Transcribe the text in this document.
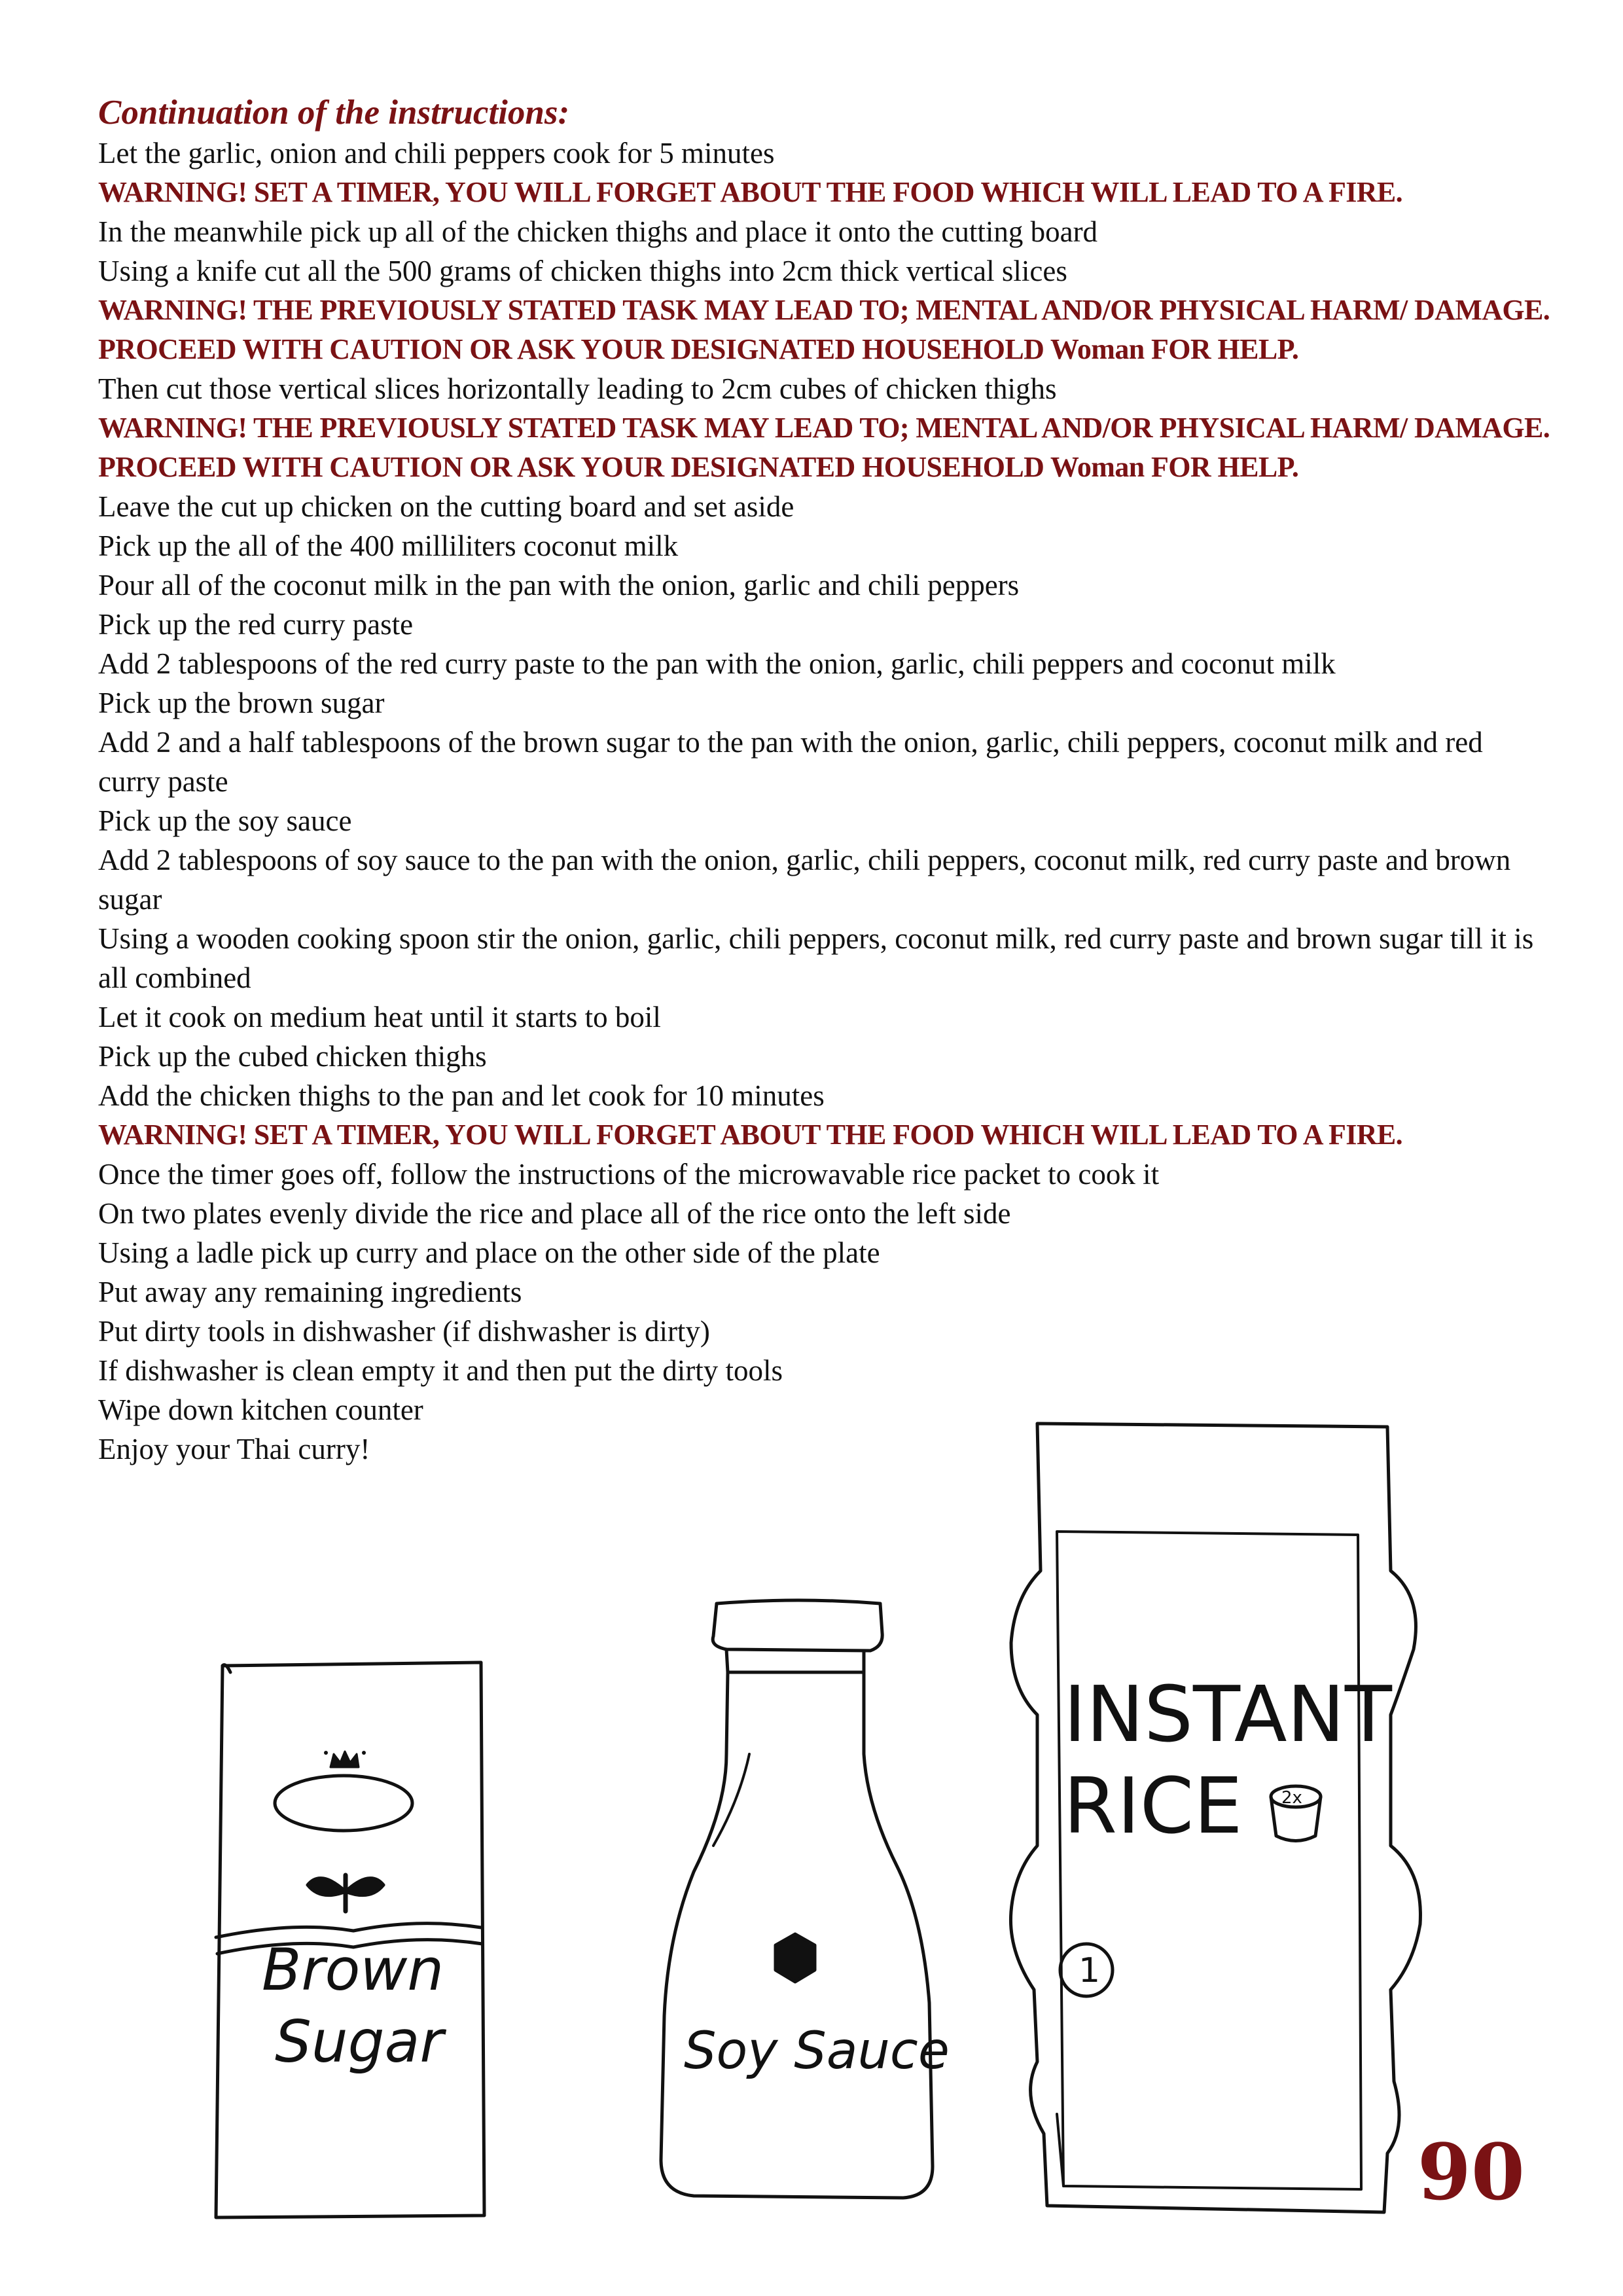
Continuation of the instructions:

Let the garlic, onion and chili peppers cook for 5 minutes

WARNING! SET A TIMER, YOU WILL FORGET ABOUT THE FOOD WHICH WILL LEAD TO A FIRE.

In the meanwhile pick up all of the chicken thighs and place it onto the cutting board

Using a knife cut all the 500 grams of chicken thighs into 2cm thick vertical slices

WARNING! THE PREVIOUSLY STATED TASK MAY LEAD TO; MENTAL AND/OR PHYSICAL HARM/ DAMAGE. PROCEED WITH CAUTION OR ASK YOUR DESIGNATED HOUSEHOLD Woman FOR HELP.

Then cut those vertical slices horizontally leading to 2cm cubes of chicken thighs

WARNING! THE PREVIOUSLY STATED TASK MAY LEAD TO; MENTAL AND/OR PHYSICAL HARM/ DAMAGE. PROCEED WITH CAUTION OR ASK YOUR DESIGNATED HOUSEHOLD Woman FOR HELP.

Leave the cut up chicken on the cutting board and set aside

Pick up the all of the 400 milliliters coconut milk

Pour all of the coconut milk in the pan with the onion, garlic and chili peppers

Pick up the red curry paste

Add 2 tablespoons of the red curry paste to the pan with the onion, garlic, chili peppers and coconut milk

Pick up the brown sugar

Add 2 and a half tablespoons of the brown sugar to the pan with the onion, garlic, chili peppers, coconut milk and red curry paste

Pick up the soy sauce

Add 2 tablespoons of soy sauce to the pan with the onion, garlic, chili peppers, coconut milk, red curry paste and brown sugar

Using a wooden cooking spoon stir the onion, garlic, chili peppers, coconut milk, red curry paste and brown sugar till it is all combined

Let it cook on medium heat until it starts to boil

Pick up the cubed chicken thighs

Add the chicken thighs to the pan and let cook for 10 minutes

WARNING! SET A TIMER, YOU WILL FORGET ABOUT THE FOOD WHICH WILL LEAD TO A FIRE.

Once the timer goes off, follow the instructions of the microwavable rice packet to cook it

On two plates evenly divide the rice and place all of the rice onto the left side

Using a ladle pick up curry and place on the other side of the plate

Put away any remaining ingredients

Put dirty tools in dishwasher (if dishwasher is dirty)

If dishwasher is clean empty it and then put the dirty tools

Wipe down kitchen counter

Enjoy your Thai curry!

Brown
Sugar	Soy Sauce
INSTANT
RICE 2x
1
90
